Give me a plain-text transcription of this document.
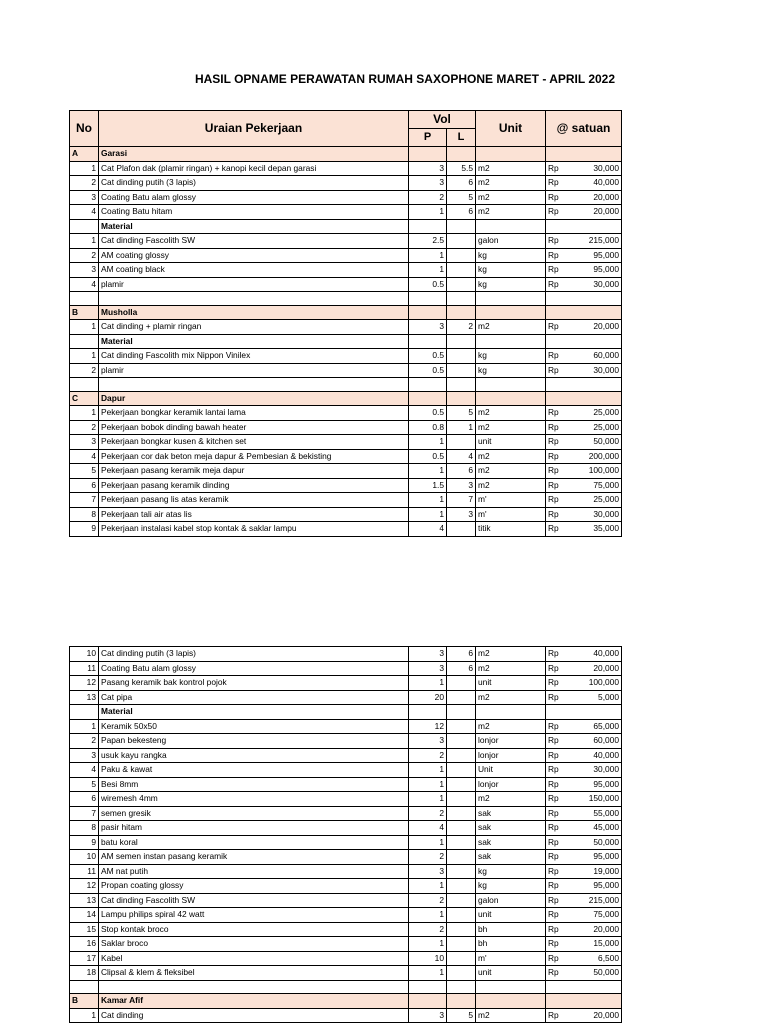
HASIL OPNAME PERAWATAN RUMAH SAXOPHONE MARET - APRIL 2022
No	Uraian Pekerjaan	Vol		Unit	@ satuan
		P	L		
A	Garasi				
1	Cat Plafon dak (plamir ringan) + kanopi kecil depan garasi	3	5.5	m2	Rp 30,000

2	Cat dinding putih (3 lapis)	3	6	m2	Rp 40,000

3	Coating Batu alam glossy	2	5	m2	Rp 20,000

4	Coating Batu hitam	1	6	m2	Rp 20,000

	Material				
1	Cat dinding Fascolith SW	2.5		galon	Rp 215,000

2	AM coating glossy	1		kg	Rp 95,000

3	AM coating black	1		kg	Rp 95,000

4	plamir	0.5		kg	Rp 30,000

B	Musholla				
1	Cat dinding + plamir ringan	3	2	m2	Rp 20,000

	Material				
1	Cat dinding Fascolith mix Nippon Vinilex	0.5		kg	Rp 60,000

2	plamir	0.5		kg	Rp 30,000

C	Dapur				
1	Pekerjaan bongkar keramik lantai lama	0.5	5	m2	Rp 25,000

2	Pekerjaan bobok dinding bawah heater	0.8	1	m2	Rp 25,000

3	Pekerjaan bongkar kusen & kitchen set	1		unit	Rp 50,000

4	Pekerjaan cor dak beton meja dapur & Pembesian & bekisting	0.5	4	m2	Rp 200,000

5	Pekerjaan pasang keramik meja dapur	1	6	m2	Rp 100,000

6	Pekerjaan pasang keramik dinding	1.5	3	m2	Rp 75,000

7	Pekerjaan pasang lis atas keramik	1	7	m'	Rp 25,000

8	Pekerjaan tali air atas lis	1	3	m'	Rp 30,000

9	Pekerjaan instalasi kabel stop kontak & saklar lampu	4		titik	Rp 35,000
10	Cat dinding putih (3 lapis)	3	6	m2	Rp 40,000

11	Coating Batu alam glossy	3	6	m2	Rp 20,000

12	Pasang keramik bak kontrol pojok	1		unit	Rp 100,000

13	Cat pipa	20		m2	Rp 5,000

	Material				
1	Keramik 50x50	12		m2	Rp 65,000

2	Papan bekesteng	3		lonjor	Rp 60,000

3	usuk kayu rangka	2		lonjor	Rp 40,000

4	Paku & kawat	1		Unit	Rp 30,000

5	Besi 8mm	1		lonjor	Rp 95,000

6	wiremesh 4mm	1		m2	Rp 150,000

7	semen gresik	2		sak	Rp 55,000

8	pasir hitam	4		sak	Rp 45,000

9	batu koral	1		sak	Rp 50,000

10	AM semen instan pasang keramik	2		sak	Rp 95,000

11	AM nat putih	3		kg	Rp 19,000

12	Propan coating glossy	1		kg	Rp 95,000

13	Cat dinding Fascolith SW	2		galon	Rp 215,000

14	Lampu philips spiral 42 watt	1		unit	Rp 75,000

15	Stop kontak broco	2		bh	Rp 20,000

16	Saklar broco	1		bh	Rp 15,000

17	Kabel	10		m'	Rp 6,500

18	Clipsal & klem & fleksibel	1		unit	Rp 50,000

B	Kamar Afif				
1	Cat dinding	3	5	m2	Rp 20,000
